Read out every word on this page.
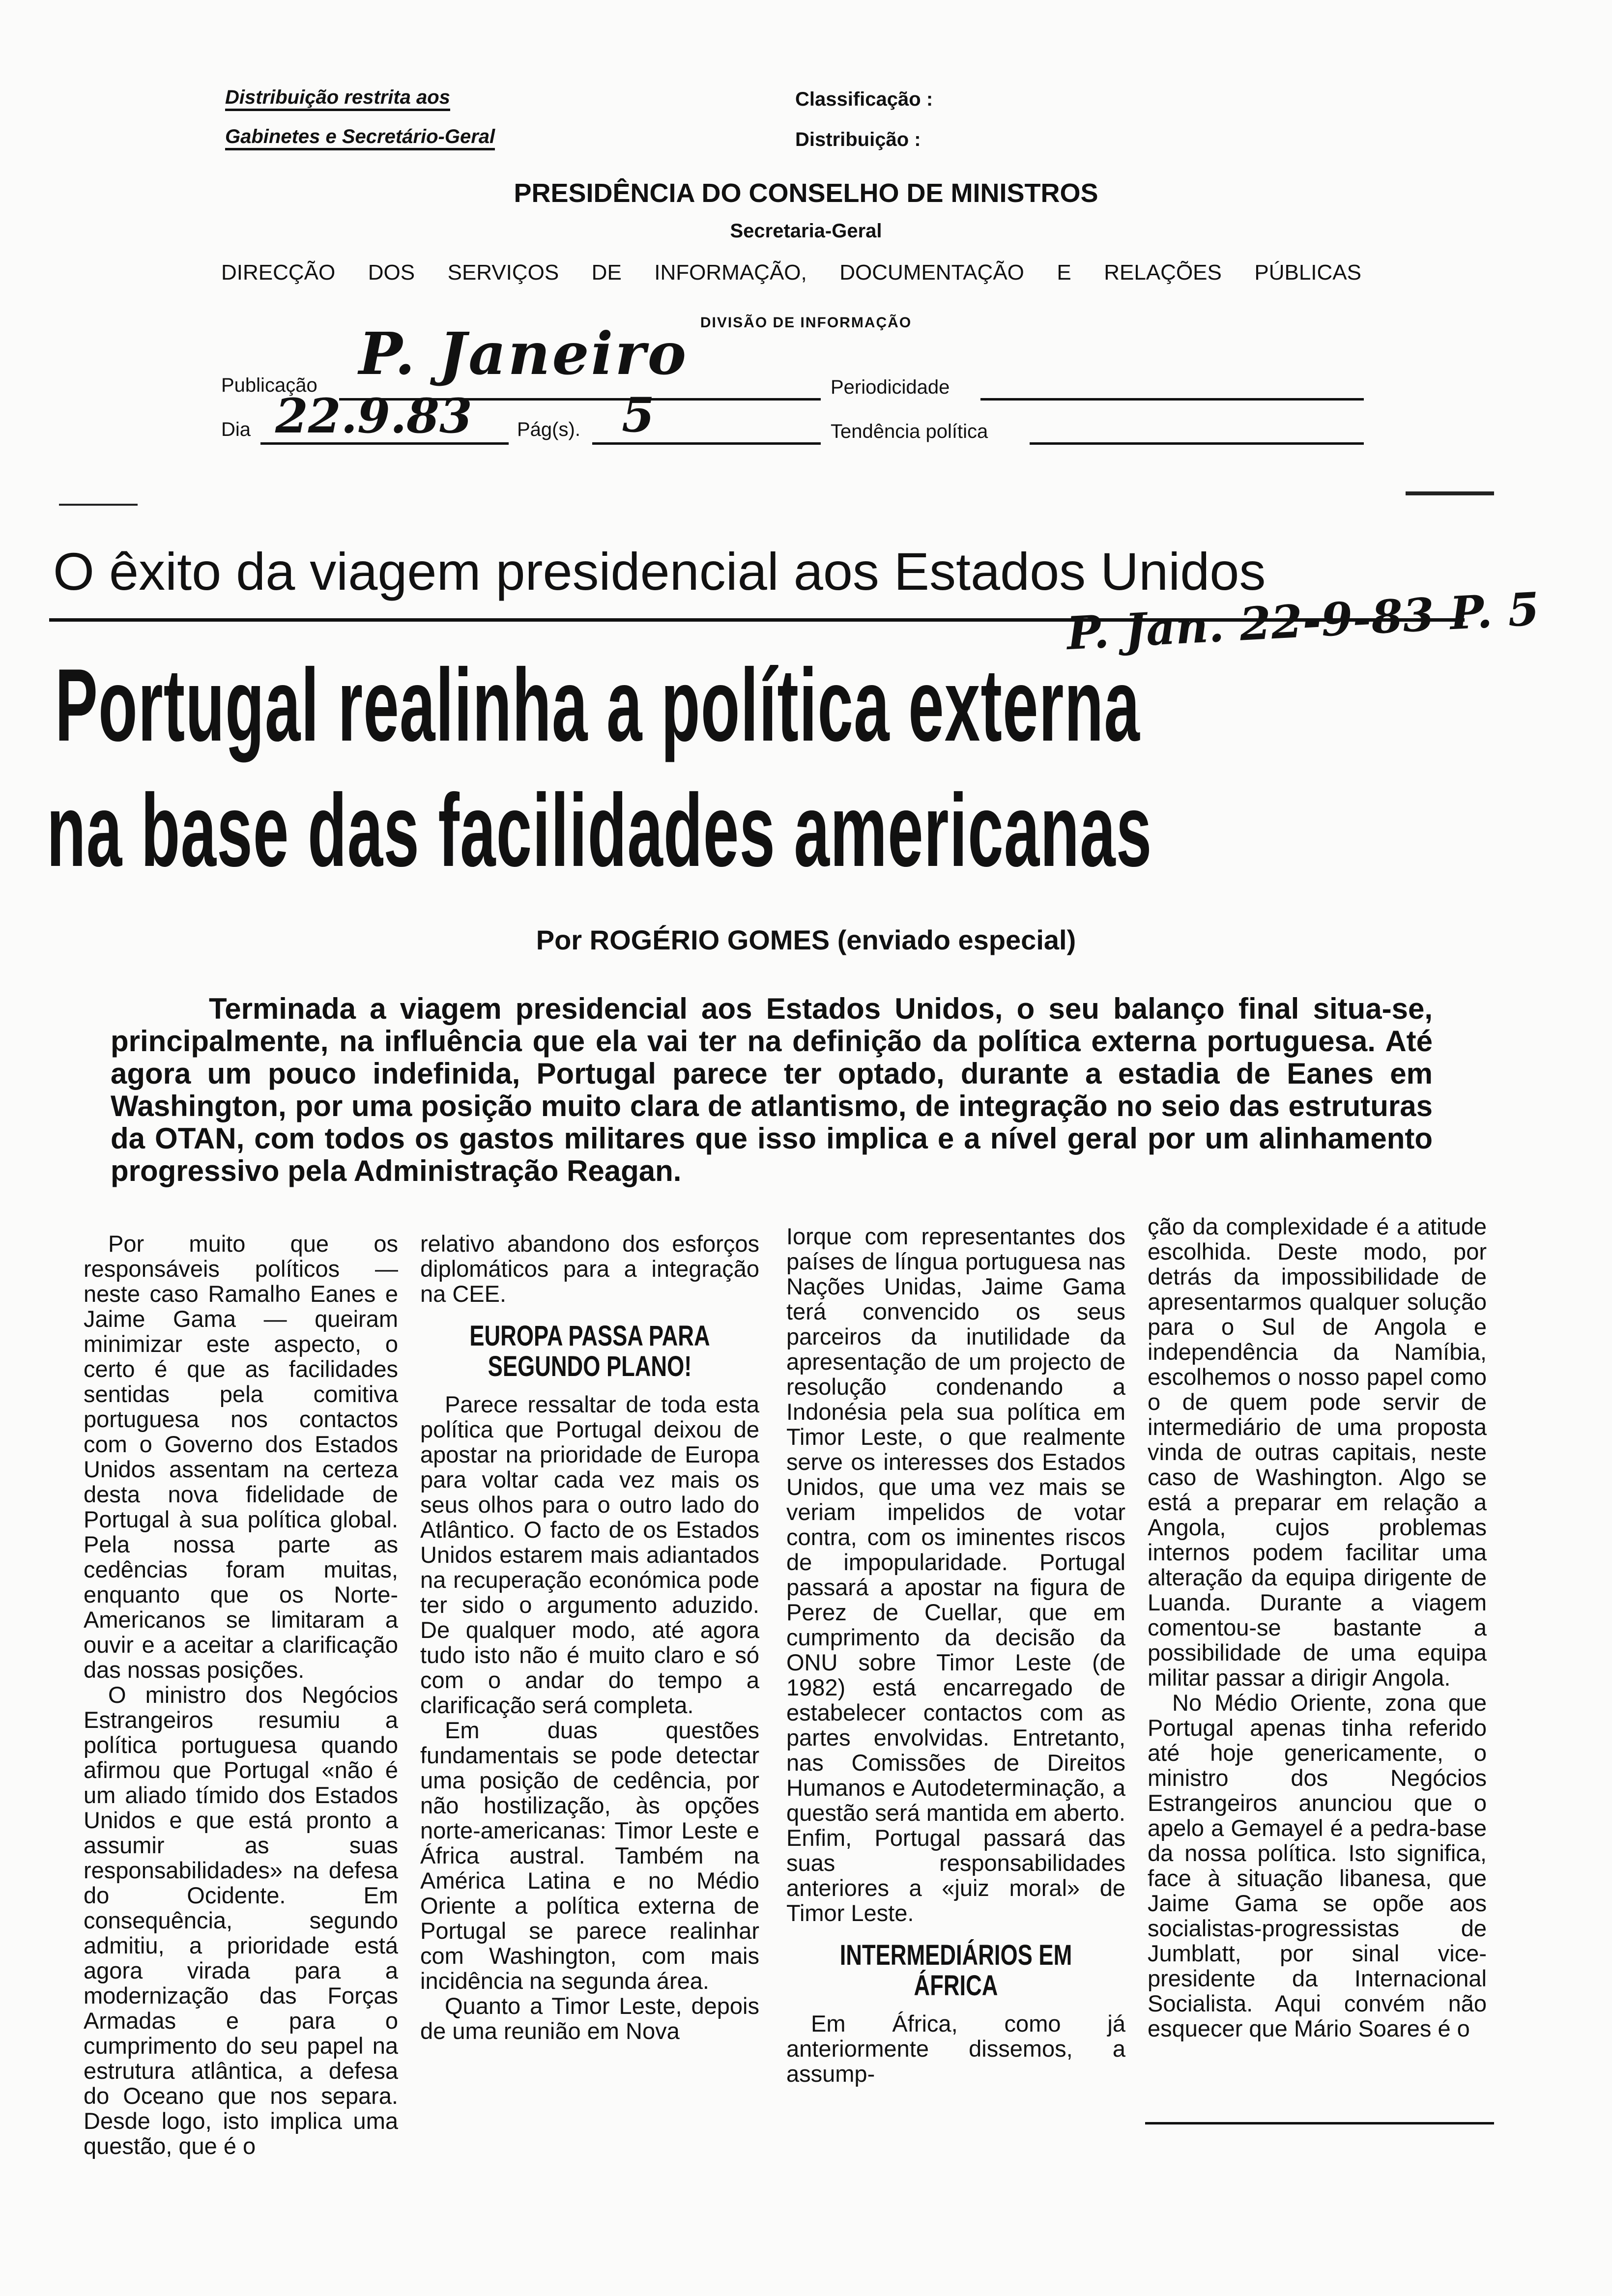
Distribuição restrita aos
Gabinetes e Secretário-Geral
Classificação :
Distribuição :
PRESIDÊNCIA DO CONSELHO DE MINISTROS
Secretaria-Geral
DIRECÇÃO DOS SERVIÇOS DE INFORMAÇÃO, DOCUMENTAÇÃO E RELAÇÕES PÚBLICAS
DIVISÃO DE INFORMAÇÃO
Publicação P. Janeiro	Periodicidade
Dia 22.9.83 Pág(s). 5	Tendência política
O êxito da viagem presidencial aos Estados Unidos
P. Jan. 22-9-83 P. 5
Portugal realinha a política externa
na base das facilidades americanas
Por ROGÉRIO GOMES (enviado especial)
Terminada a viagem presidencial aos Estados Unidos, o seu balanço final situa-se, principalmente, na influência que ela vai ter na definição da política externa portuguesa. Até agora um pouco indefinida, Portugal parece ter optado, durante a estadia de Eanes em Washington, por uma posição muito clara de atlantismo, de integração no seio das estruturas da OTAN, com todos os gastos militares que isso implica e a nível geral por um alinhamento progressivo pela Administração Reagan.

Por muito que os responsáveis políticos — neste caso Ramalho Eanes e Jaime Gama — queiram minimizar este aspecto, o certo é que as facilidades sentidas pela comitiva portuguesa nos contactos com o Governo dos Estados Unidos assentam na certeza desta nova fidelidade de Portugal à sua política global. Pela nossa parte as cedências foram muitas, enquanto que os Norte-Americanos se limitaram a ouvir e a aceitar a clarificação das nossas posições.

O ministro dos Negócios Estrangeiros resumiu a política portuguesa quando afirmou que Portugal «não é um aliado tímido dos Estados Unidos e que está pronto a assumir as suas responsabilidades» na defesa do Ocidente. Em consequência, segundo admitiu, a prioridade está agora virada para a modernização das Forças Armadas e para o cumprimento do seu papel na estrutura atlântica, a defesa do Oceano que nos separa. Desde logo, isto implica uma questão, que é o

relativo abandono dos esforços diplomáticos para a integração na CEE.

EUROPA PASSA PARA SEGUNDO PLANO!

Parece ressaltar de toda esta política que Portugal deixou de apostar na prioridade de Europa para voltar cada vez mais os seus olhos para o outro lado do Atlântico. O facto de os Estados Unidos estarem mais adiantados na recuperação económica pode ter sido o argumento aduzido. De qualquer modo, até agora tudo isto não é muito claro e só com o andar do tempo a clarificação será completa.

Em duas questões fundamentais se pode detectar uma posição de cedência, por não hostilização, às opções norte-americanas: Timor Leste e África austral. Também na América Latina e no Médio Oriente a política externa de Portugal se parece realinhar com Washington, com mais incidência na segunda área.

Quanto a Timor Leste, depois de uma reunião em Nova

Iorque com representantes dos países de língua portuguesa nas Nações Unidas, Jaime Gama terá convencido os seus parceiros da inutilidade da apresentação de um projecto de resolução condenando a Indonésia pela sua política em Timor Leste, o que realmente serve os interesses dos Estados Unidos, que uma vez mais se veriam impelidos de votar contra, com os iminentes riscos de impopularidade. Portugal passará a apostar na figura de Perez de Cuellar, que em cumprimento da decisão da ONU sobre Timor Leste (de 1982) está encarregado de estabelecer contactos com as partes envolvidas. Entretanto, nas Comissões de Direitos Humanos e Autodeterminação, a questão será mantida em aberto. Enfim, Portugal passará das suas responsabilidades anteriores a «juiz moral» de Timor Leste.

INTERMEDIÁRIOS EM ÁFRICA

Em África, como já anteriormente dissemos, a assump-

ção da complexidade é a atitude escolhida. Deste modo, por detrás da impossibilidade de apresentarmos qualquer solução para o Sul de Angola e independência da Namíbia, escolhemos o nosso papel como o de quem pode servir de intermediário de uma proposta vinda de outras capitais, neste caso de Washington. Algo se está a preparar em relação a Angola, cujos problemas internos podem facilitar uma alteração da equipa dirigente de Luanda. Durante a viagem comentou-se bastante a possibilidade de uma equipa militar passar a dirigir Angola.

No Médio Oriente, zona que Portugal apenas tinha referido até hoje genericamente, o ministro dos Negócios Estrangeiros anunciou que o apelo a Gemayel é a pedra-base da nossa política. Isto significa, face à situação libanesa, que Jaime Gama se opõe aos socialistas-progressistas de Jumblatt, por sinal vice-presidente da Internacional Socialista. Aqui convém não esquecer que Mário Soares é o
